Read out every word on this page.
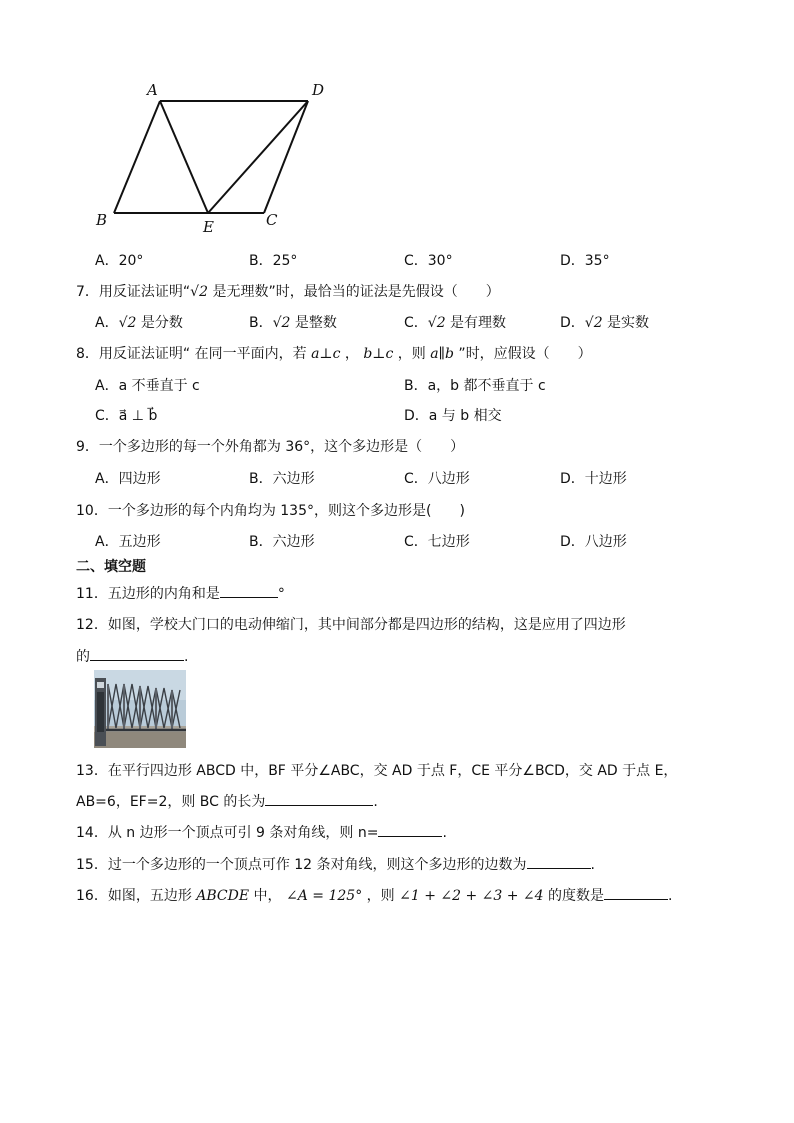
A	D
B	E	C
A．20°	B．25°	C．30°	D．35°
7．用反证法证明“√2 是无理数”时，最恰当的证法是先假设（　　）
A．√2 是分数	B．√2 是整数	C．√2 是有理数	D．√2 是实数
8．用反证法证明“ 在同一平面内，若 a⊥c ， b⊥c ，则 a∥b ”时，应假设（　　）
A．a 不垂直于 c	B．a，b 都不垂直于 c
C．a⃗ ⊥ b⃗	D．a 与 b 相交
9．一个多边形的每一个外角都为 36°，这个多边形是（　　）
A．四边形	B．六边形	C．八边形	D．十边形
10．一个多边形的每个内角均为 135°，则这个多边形是(　　)
A．五边形	B．六边形	C．七边形	D．八边形
二、填空题
11．五边形的内角和是	°
12．如图，学校大门口的电动伸缩门，其中间部分都是四边形的结构，这是应用了四边形
的	.
13．在平行四边形 ABCD 中，BF 平分∠ABC，交 AD 于点 F，CE 平分∠BCD，交 AD 于点 E，
AB=6，EF=2，则 BC 的长为	.
14．从 n 边形一个顶点可引 9 条对角线，则 n=	.
15．过一个多边形的一个顶点可作 12 条对角线，则这个多边形的边数为	.
16．如图，五边形 ABCDE 中， ∠A = 125° ，则 ∠1 + ∠2 + ∠3 + ∠4 的度数是	.
